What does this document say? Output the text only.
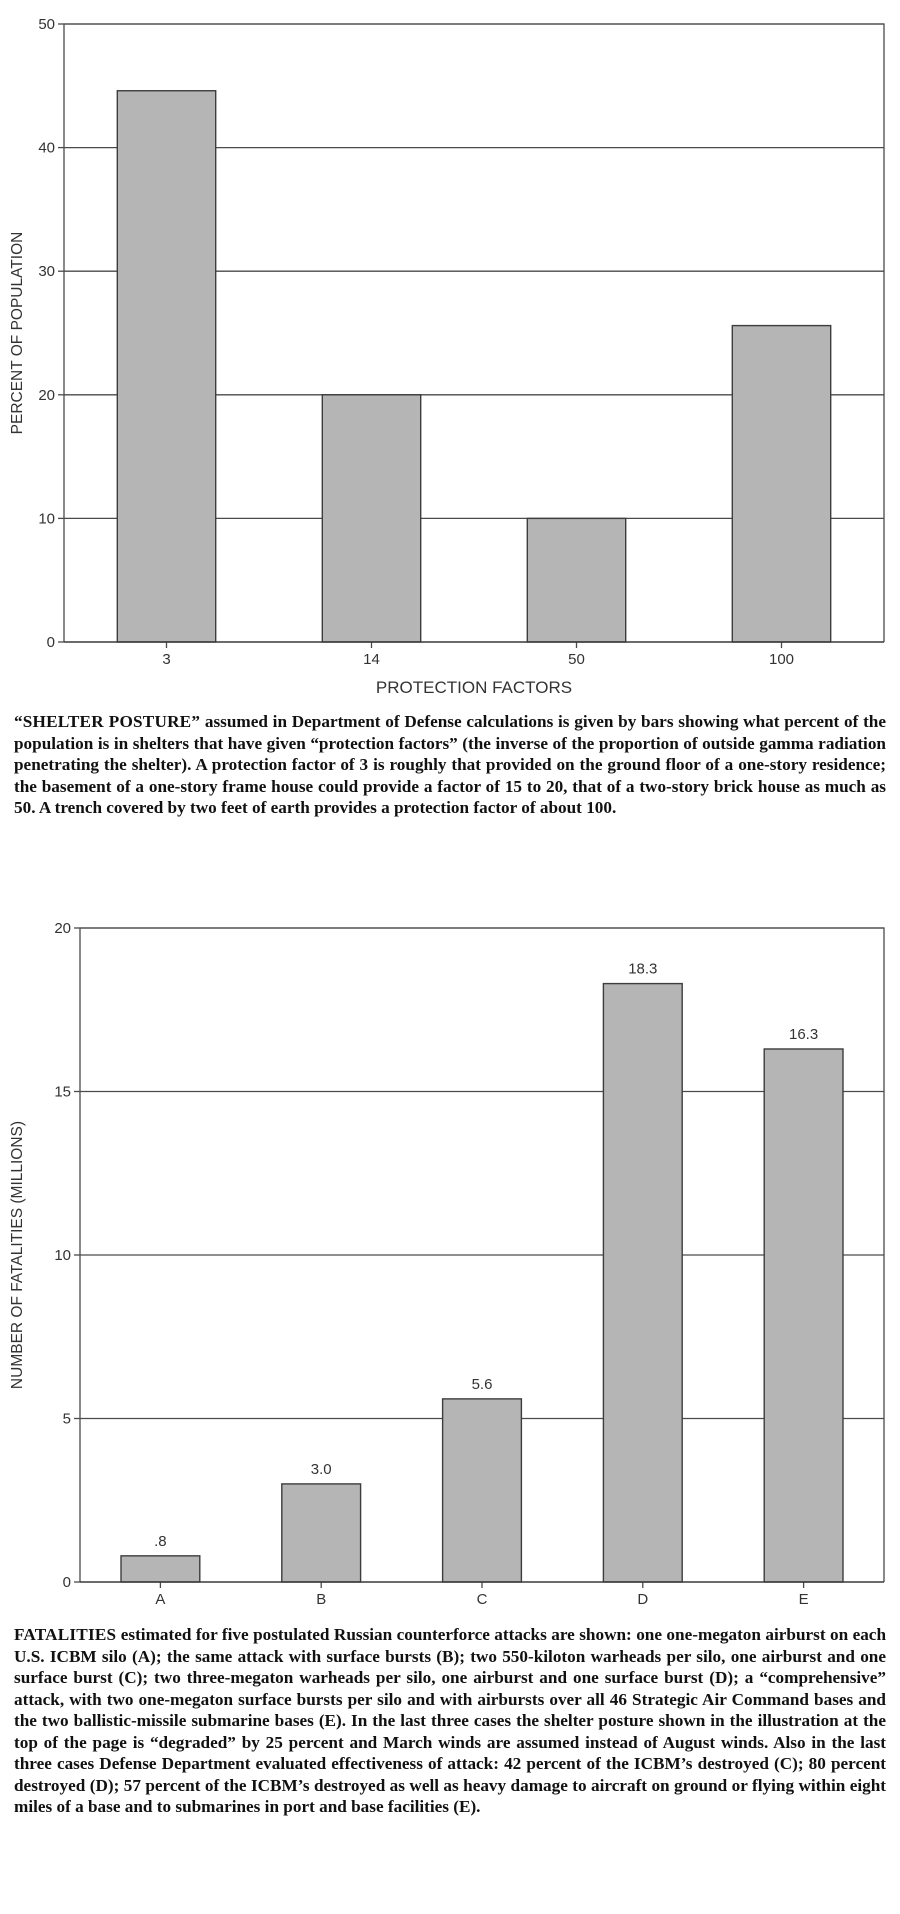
0
10
20
30
40
50
3	14	50	100
PERCENT OF POPULATION
PROTECTION FACTORS

“SHELTER POSTURE” assumed in Department of Defense calculations is given by bars showing what percent of the population is in shelters that have given “protection factors” (the inverse of the proportion of outside gamma radiation penetrating the shelter). A protection factor of 3 is roughly that provided on the ground floor of a one-story residence; the basement of a one-story frame house could provide a factor of 15 to 20, that of a two-story brick house as much as 50. A trench covered by two feet of earth provides a protection factor of about 100.

0
5
10
15
20
.8
A
3.0
B
5.6
C
18.3
D
16.3
E
NUMBER OF FATALITIES (MILLIONS)

FATALITIES estimated for five postulated Russian counterforce attacks are shown: one one-megaton airburst on each U.S. ICBM silo (A); the same attack with surface bursts (B); two 550-kiloton warheads per silo, one airburst and one surface burst (C); two three-megaton warheads per silo, one airburst and one surface burst (D); a “comprehensive” attack, with two one-megaton surface bursts per silo and with airbursts over all 46 Strategic Air Command bases and the two ballistic-missile submarine bases (E). In the last three cases the shelter posture shown in the illustration at the top of the page is “degraded” by 25 percent and March winds are assumed instead of August winds. Also in the last three cases Defense Department evaluated effectiveness of attack: 42 percent of the ICBM’s destroyed (C); 80 percent destroyed (D); 57 percent of the ICBM’s destroyed as well as heavy damage to aircraft on ground or flying within eight miles of a base and to submarines in port and base facilities (E).
